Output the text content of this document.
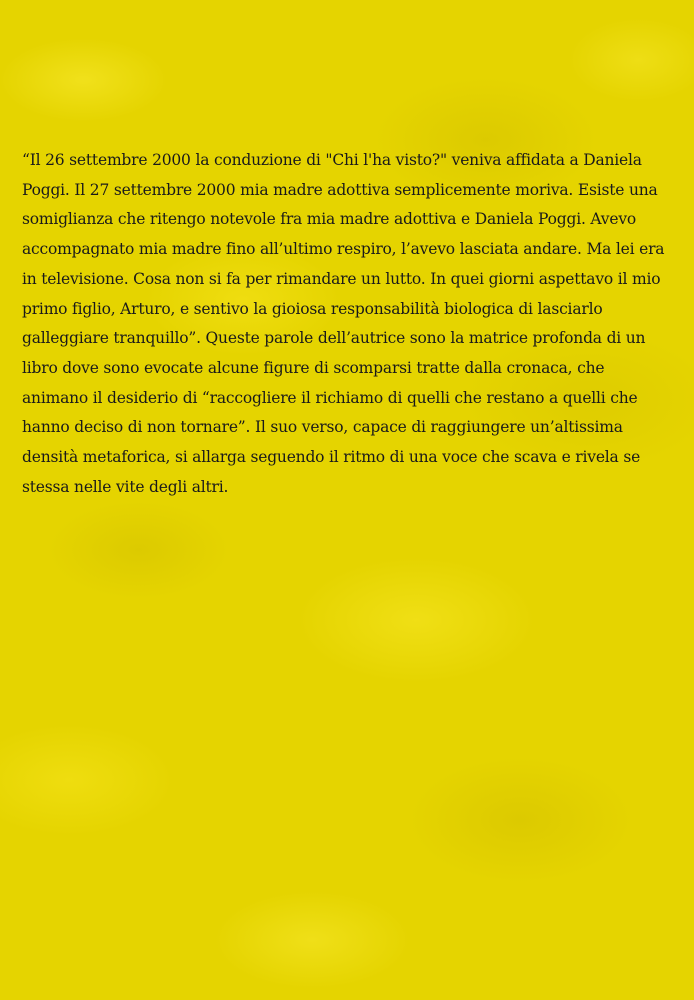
“Il 26 settembre 2000 la conduzione di "Chi l'ha visto?" veniva affidata a Daniela
Poggi. Il 27 settembre 2000 mia madre adottiva semplicemente moriva. Esiste una
somiglianza che ritengo notevole fra mia madre adottiva e Daniela Poggi. Avevo
accompagnato mia madre fino all’ultimo respiro, l’avevo lasciata andare. Ma lei era
in televisione. Cosa non si fa per rimandare un lutto. In quei giorni aspettavo il mio
primo figlio, Arturo, e sentivo la gioiosa responsabilità biologica di lasciarlo
galleggiare tranquillo”. Queste parole dell’autrice sono la matrice profonda di un
libro dove sono evocate alcune figure di scomparsi tratte dalla cronaca, che
animano il desiderio di “raccogliere il richiamo di quelli che restano a quelli che
hanno deciso di non tornare”. Il suo verso, capace di raggiungere un’altissima
densità metaforica, si allarga seguendo il ritmo di una voce che scava e rivela se
stessa nelle vite degli altri.
